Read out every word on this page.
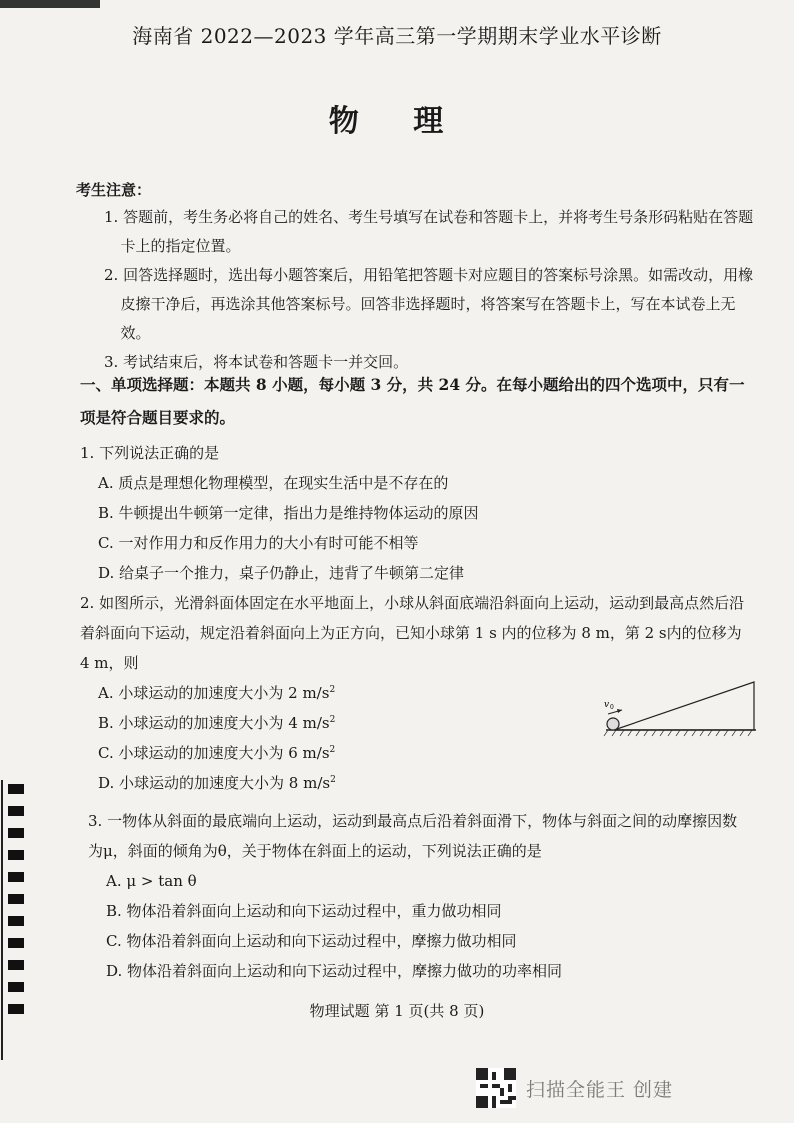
海南省 2022—2023 学年高三第一学期期末学业水平诊断
物 理
考生注意：

1. 答题前，考生务必将自己的姓名、考生号填写在试卷和答题卡上，并将考生号条形码粘贴在答题卡上的指定位置。

2. 回答选择题时，选出每小题答案后，用铅笔把答题卡对应题目的答案标号涂黑。如需改动，用橡皮擦干净后，再选涂其他答案标号。回答非选择题时，将答案写在答题卡上，写在本试卷上无效。

3. 考试结束后，将本试卷和答题卡一并交回。

一、单项选择题：本题共 8 小题，每小题 3 分，共 24 分。在每小题给出的四个选项中，只有一项是符合题目要求的。

1. 下列说法正确的是

A. 质点是理想化物理模型，在现实生活中是不存在的

B. 牛顿提出牛顿第一定律，指出力是维持物体运动的原因

C. 一对作用力和反作用力的大小有时可能不相等

D. 给桌子一个推力，桌子仍静止，违背了牛顿第二定律

2. 如图所示，光滑斜面体固定在水平地面上，小球从斜面底端沿斜面向上运动，运动到最高点然后沿着斜面向下运动，规定沿着斜面向上为正方向，已知小球第 1 s 内的位移为 8 m，第 2 s内的位移为 4 m，则

A. 小球运动的加速度大小为 2 $m/s^2$

B. 小球运动的加速度大小为 4 $m/s^2$

C. 小球运动的加速度大小为 6 $m/s^2$

D. 小球运动的加速度大小为 8 $m/s^2$

v 0

3. 一物体从斜面的最底端向上运动，运动到最高点后沿着斜面滑下，物体与斜面之间的动摩擦因数为μ，斜面的倾角为θ，关于物体在斜面上的运动，下列说法正确的是

A. μ > tan θ

B. 物体沿着斜面向上运动和向下运动过程中，重力做功相同

C. 物体沿着斜面向上运动和向下运动过程中，摩擦力做功相同

D. 物体沿着斜面向上运动和向下运动过程中，摩擦力做功的功率相同

物理试题 第 1 页(共 8 页)
扫描全能王 创建
